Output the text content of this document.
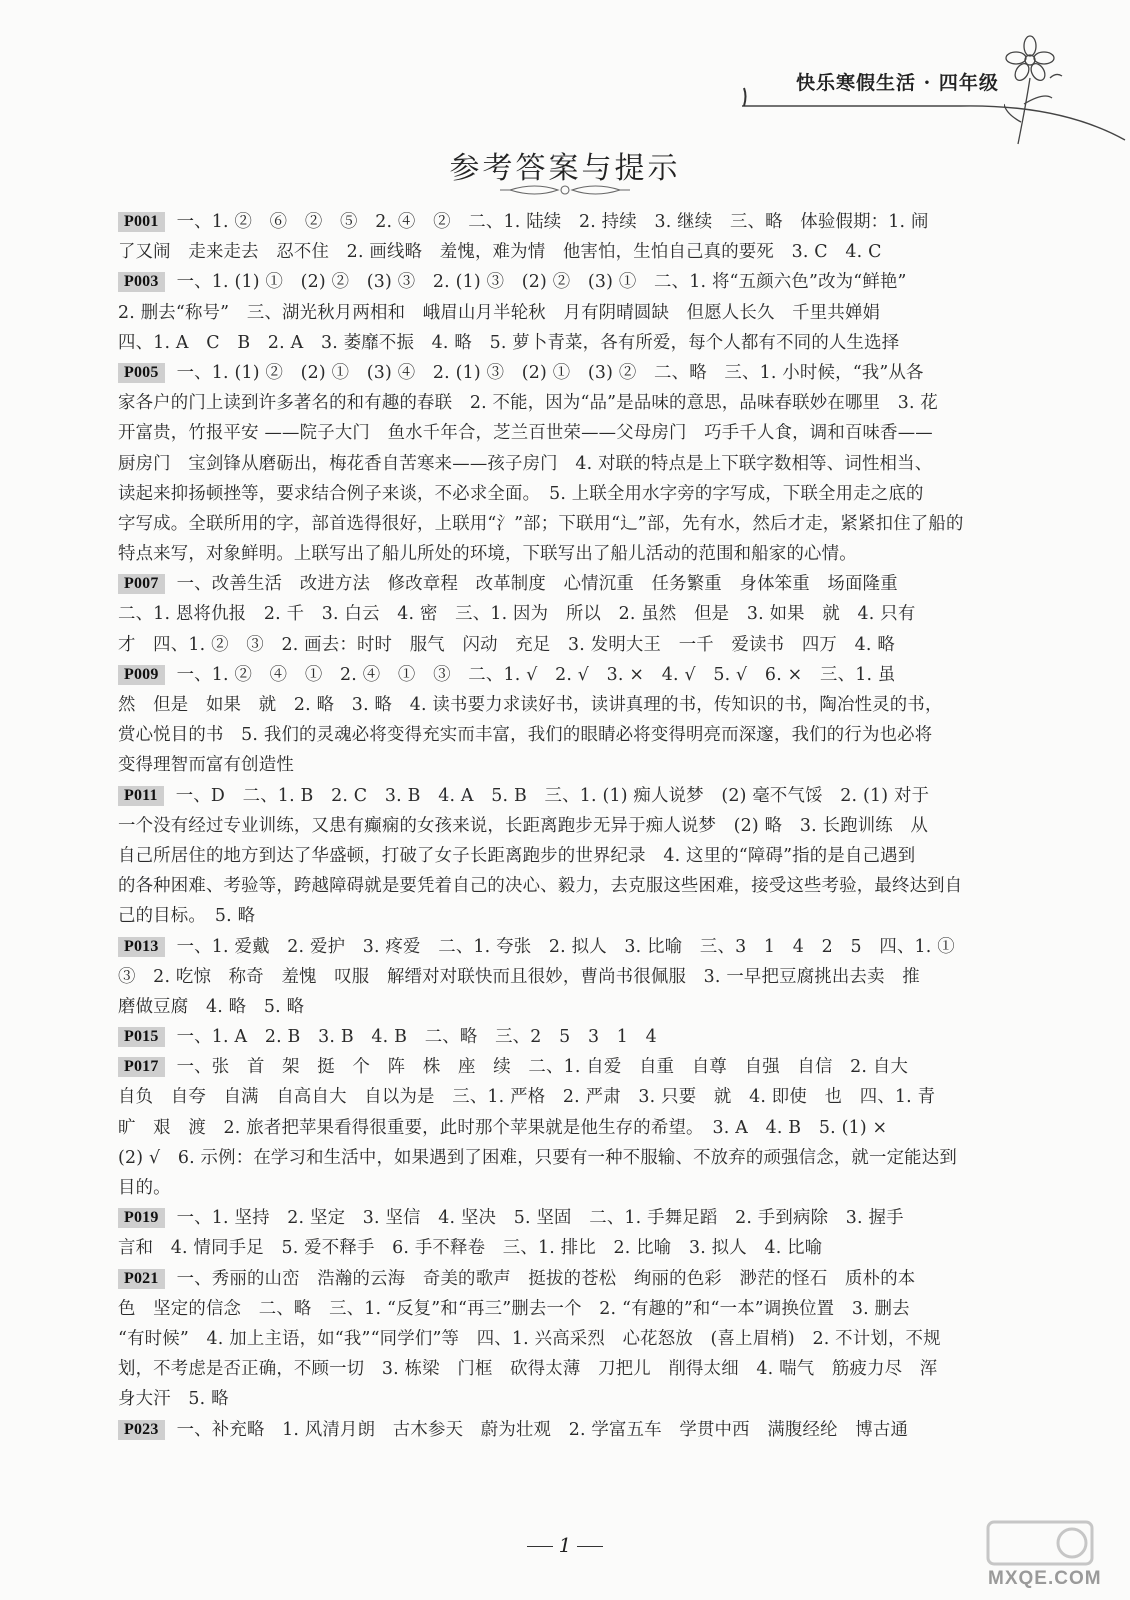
快乐寒假生活 · 四年级
参考答案与提示
P001 一、1. ②　⑥　②　⑤　2. ④　②　二、1. 陆续　2. 持续　3. 继续　三、略　体验假期：1. 闹
了又闹　走来走去　忍不住　2. 画线略　羞愧，难为情　他害怕，生怕自己真的要死　3. C　4. C
P003 一、1. (1) ①　(2) ②　(3) ③　2. (1) ③　(2) ②　(3) ①　二、1. 将“五颜六色”改为“鲜艳”
2. 删去“称号”　三、湖光秋月两相和　峨眉山月半轮秋　月有阴晴圆缺　但愿人长久　千里共婵娟
四、1. A　C　B　2. A　3. 萎靡不振　4. 略　5. 萝卜青菜，各有所爱，每个人都有不同的人生选择
P005 一、1. (1) ②　(2) ①　(3) ④　2. (1) ③　(2) ①　(3) ②　二、略　三、1. 小时候，“我”从各
家各户的门上读到许多著名的和有趣的春联　2. 不能，因为“品”是品味的意思，品味春联妙在哪里　3. 花
开富贵，竹报平安 ——院子大门　鱼水千年合，芝兰百世荣——父母房门　巧手千人食，调和百味香——
厨房门　宝剑锋从磨砺出，梅花香自苦寒来——孩子房门　4. 对联的特点是上下联字数相等、词性相当、
读起来抑扬顿挫等，要求结合例子来谈，不必求全面。　5. 上联全用水字旁的字写成，下联全用走之底的
字写成。全联所用的字，部首选得很好，上联用“氵”部；下联用“辶”部，先有水，然后才走，紧紧扣住了船的
特点来写，对象鲜明。上联写出了船儿所处的环境，下联写出了船儿活动的范围和船家的心情。
P007 一、改善生活　改进方法　修改章程　改革制度　心情沉重　任务繁重　身体笨重　场面隆重
二、1. 恩将仇报　2. 千　3. 白云　4. 密　三、1. 因为　所以　2. 虽然　但是　3. 如果　就　4. 只有
才　四、1. ②　③　2. 画去：时时　服气　闪动　充足　3. 发明大王　一千　爱读书　四万　4. 略
P009 一、1. ②　④　①　2. ④　①　③　二、1. √　2. √　3. ×　4. √　5. √　6. ×　三、1. 虽
然　但是　如果　就　2. 略　3. 略　4. 读书要力求读好书，读讲真理的书，传知识的书，陶冶性灵的书，
赏心悦目的书　5. 我们的灵魂必将变得充实而丰富，我们的眼睛必将变得明亮而深邃，我们的行为也必将
变得理智而富有创造性
P011 一、D　二、1. B　2. C　3. B　4. A　5. B　三、1. (1) 痴人说梦　(2) 毫不气馁　2. (1) 对于
一个没有经过专业训练，又患有癫痫的女孩来说，长距离跑步无异于痴人说梦　(2) 略　3. 长跑训练　从
自己所居住的地方到达了华盛顿，打破了女子长距离跑步的世界纪录　4. 这里的“障碍”指的是自己遇到
的各种困难、考验等，跨越障碍就是要凭着自己的决心、毅力，去克服这些困难，接受这些考验，最终达到自
己的目标。　5. 略
P013 一、1. 爱戴　2. 爱护　3. 疼爱　二、1. 夸张　2. 拟人　3. 比喻　三、3　1　4　2　5　四、1. ①
③　2. 吃惊　称奇　羞愧　叹服　解缙对对联快而且很妙，曹尚书很佩服　3. 一早把豆腐挑出去卖　推
磨做豆腐　4. 略　5. 略
P015 一、1. A　2. B　3. B　4. B　二、略　三、2　5　3　1　4
P017 一、张　首　架　挺　个　阵　株　座　续　二、1. 自爱　自重　自尊　自强　自信　2. 自大
自负　自夸　自满　自高自大　自以为是　三、1. 严格　2. 严肃　3. 只要　就　4. 即使　也　四、1. 青
旷　艰　渡　2. 旅者把苹果看得很重要，此时那个苹果就是他生存的希望。　3. A　4. B　5. (1) ×
(2) √　6. 示例：在学习和生活中，如果遇到了困难，只要有一种不服输、不放弃的顽强信念，就一定能达到
目的。
P019 一、1. 坚持　2. 坚定　3. 坚信　4. 坚决　5. 坚固　二、1. 手舞足蹈　2. 手到病除　3. 握手
言和　4. 情同手足　5. 爱不释手　6. 手不释卷　三、1. 排比　2. 比喻　3. 拟人　4. 比喻
P021 一、秀丽的山峦　浩瀚的云海　奇美的歌声　挺拔的苍松　绚丽的色彩　渺茫的怪石　质朴的本
色　坚定的信念　二、略　三、1. “反复”和“再三”删去一个　2. “有趣的”和“一本”调换位置　3. 删去
“有时候”　4. 加上主语，如“我”“同学们”等　四、1. 兴高采烈　心花怒放　(喜上眉梢)　2. 不计划，不规
划，不考虑是否正确，不顾一切　3. 栋梁　门框　砍得太薄　刀把儿　削得太细　4. 喘气　筋疲力尽　浑
身大汗　5. 略
P023 一、补充略　1. 风清月朗　古木参天　蔚为壮观　2. 学富五车　学贯中西　满腹经纶　博古通
1
MXQE.COM
